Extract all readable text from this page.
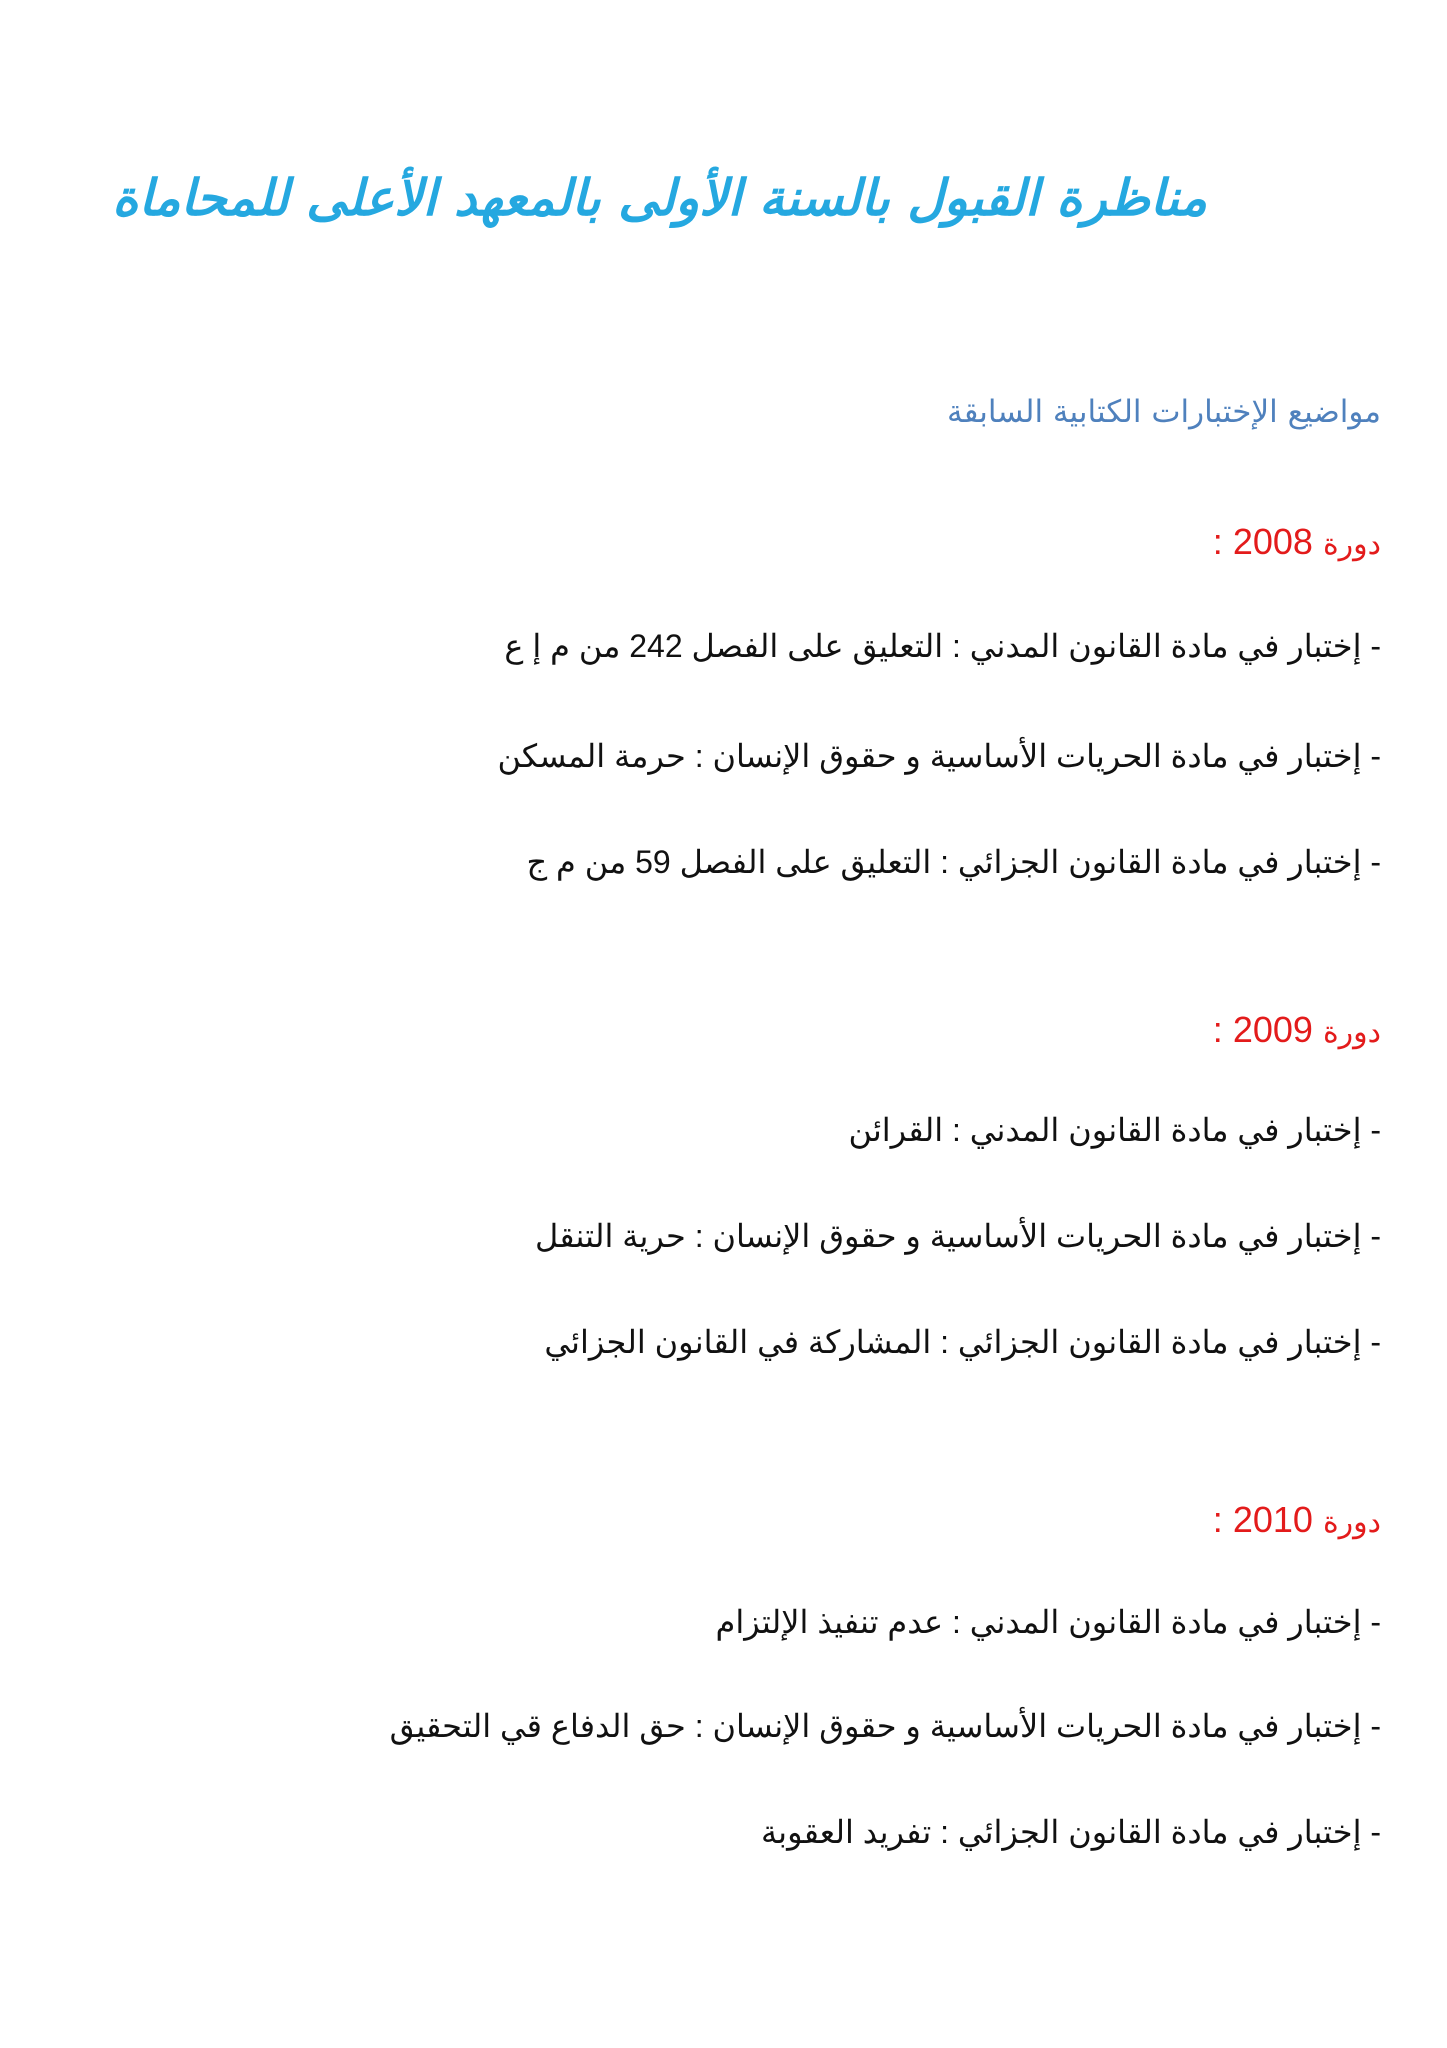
مناظرة القبول بالسنة الأولى بالمعهد الأعلى للمحاماة
مواضيع الإختبارات الكتابية السابقة
دورة 2008 :
- إختبار في مادة القانون المدني : التعليق على الفصل 242 من م إ ع
- إختبار في مادة الحريات الأساسية و حقوق الإنسان : حرمة المسكن
- إختبار في مادة القانون الجزائي : التعليق على الفصل 59 من م ج
دورة 2009 :
- إختبار في مادة القانون المدني : القرائن
- إختبار في مادة الحريات الأساسية و حقوق الإنسان : حرية التنقل
- إختبار في مادة القانون الجزائي : المشاركة في القانون الجزائي
دورة 2010 :
- إختبار في مادة القانون المدني : عدم تنفيذ الإلتزام
- إختبار في مادة الحريات الأساسية و حقوق الإنسان : حق الدفاع قي التحقيق
- إختبار في مادة القانون الجزائي : تفريد العقوبة
